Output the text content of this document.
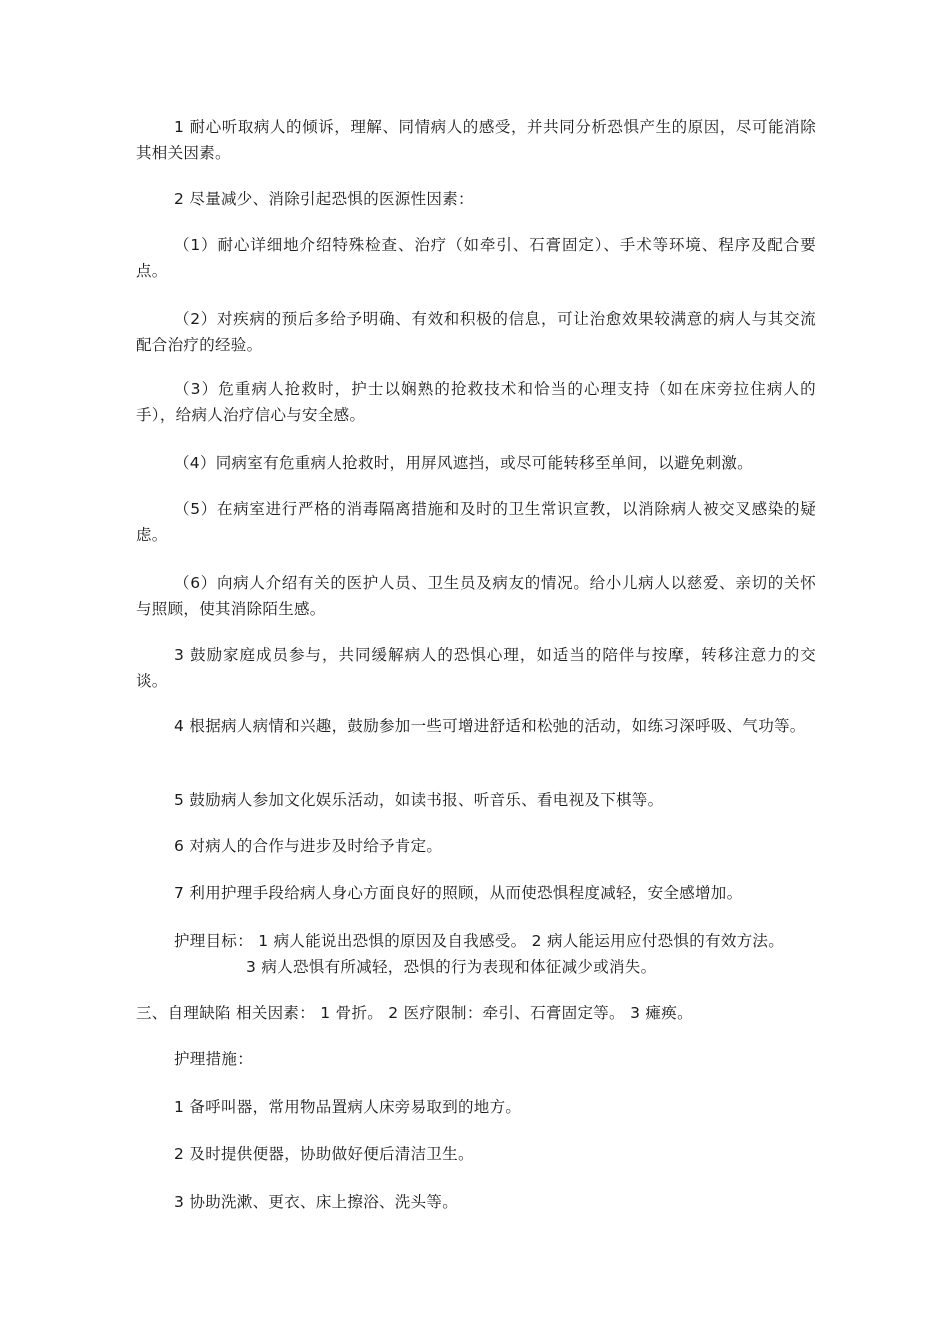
1 耐心听取病人的倾诉，理解、同情病人的感受，并共同分析恐惧产生的原因，尽可能消除其相关因素。
2 尽量减少、消除引起恐惧的医源性因素：
（1）耐心详细地介绍特殊检查、治疗（如牵引、石膏固定）、手术等环境、程序及配合要点。
（2）对疾病的预后多给予明确、有效和积极的信息，可让治愈效果较满意的病人与其交流配合治疗的经验。
（3）危重病人抢救时，护士以娴熟的抢救技术和恰当的心理支持（如在床旁拉住病人的手），给病人治疗信心与安全感。
（4）同病室有危重病人抢救时，用屏风遮挡，或尽可能转移至单间，以避免刺激。
（5）在病室进行严格的消毒隔离措施和及时的卫生常识宣教，以消除病人被交叉感染的疑虑。
（6）向病人介绍有关的医护人员、卫生员及病友的情况。给小儿病人以慈爱、亲切的关怀与照顾，使其消除陌生感。
3 鼓励家庭成员参与，共同缓解病人的恐惧心理，如适当的陪伴与按摩，转移注意力的交谈。
4 根据病人病情和兴趣，鼓励参加一些可增进舒适和松弛的活动，如练习深呼吸、气功等。
5 鼓励病人参加文化娱乐活动，如读书报、听音乐、看电视及下棋等。
6 对病人的合作与进步及时给予肯定。
7 利用护理手段给病人身心方面良好的照顾，从而使恐惧程度减轻，安全感增加。
护理目标： 1 病人能说出恐惧的原因及自我感受。 2 病人能运用应付恐惧的有效方法。
3 病人恐惧有所减轻，恐惧的行为表现和体征减少或消失。
三、自理缺陷 相关因素： 1 骨折。 2 医疗限制：牵引、石膏固定等。 3 瘫痪。
护理措施：
1 备呼叫器，常用物品置病人床旁易取到的地方。
2 及时提供便器，协助做好便后清洁卫生。
3 协助洗漱、更衣、床上擦浴、洗头等。
